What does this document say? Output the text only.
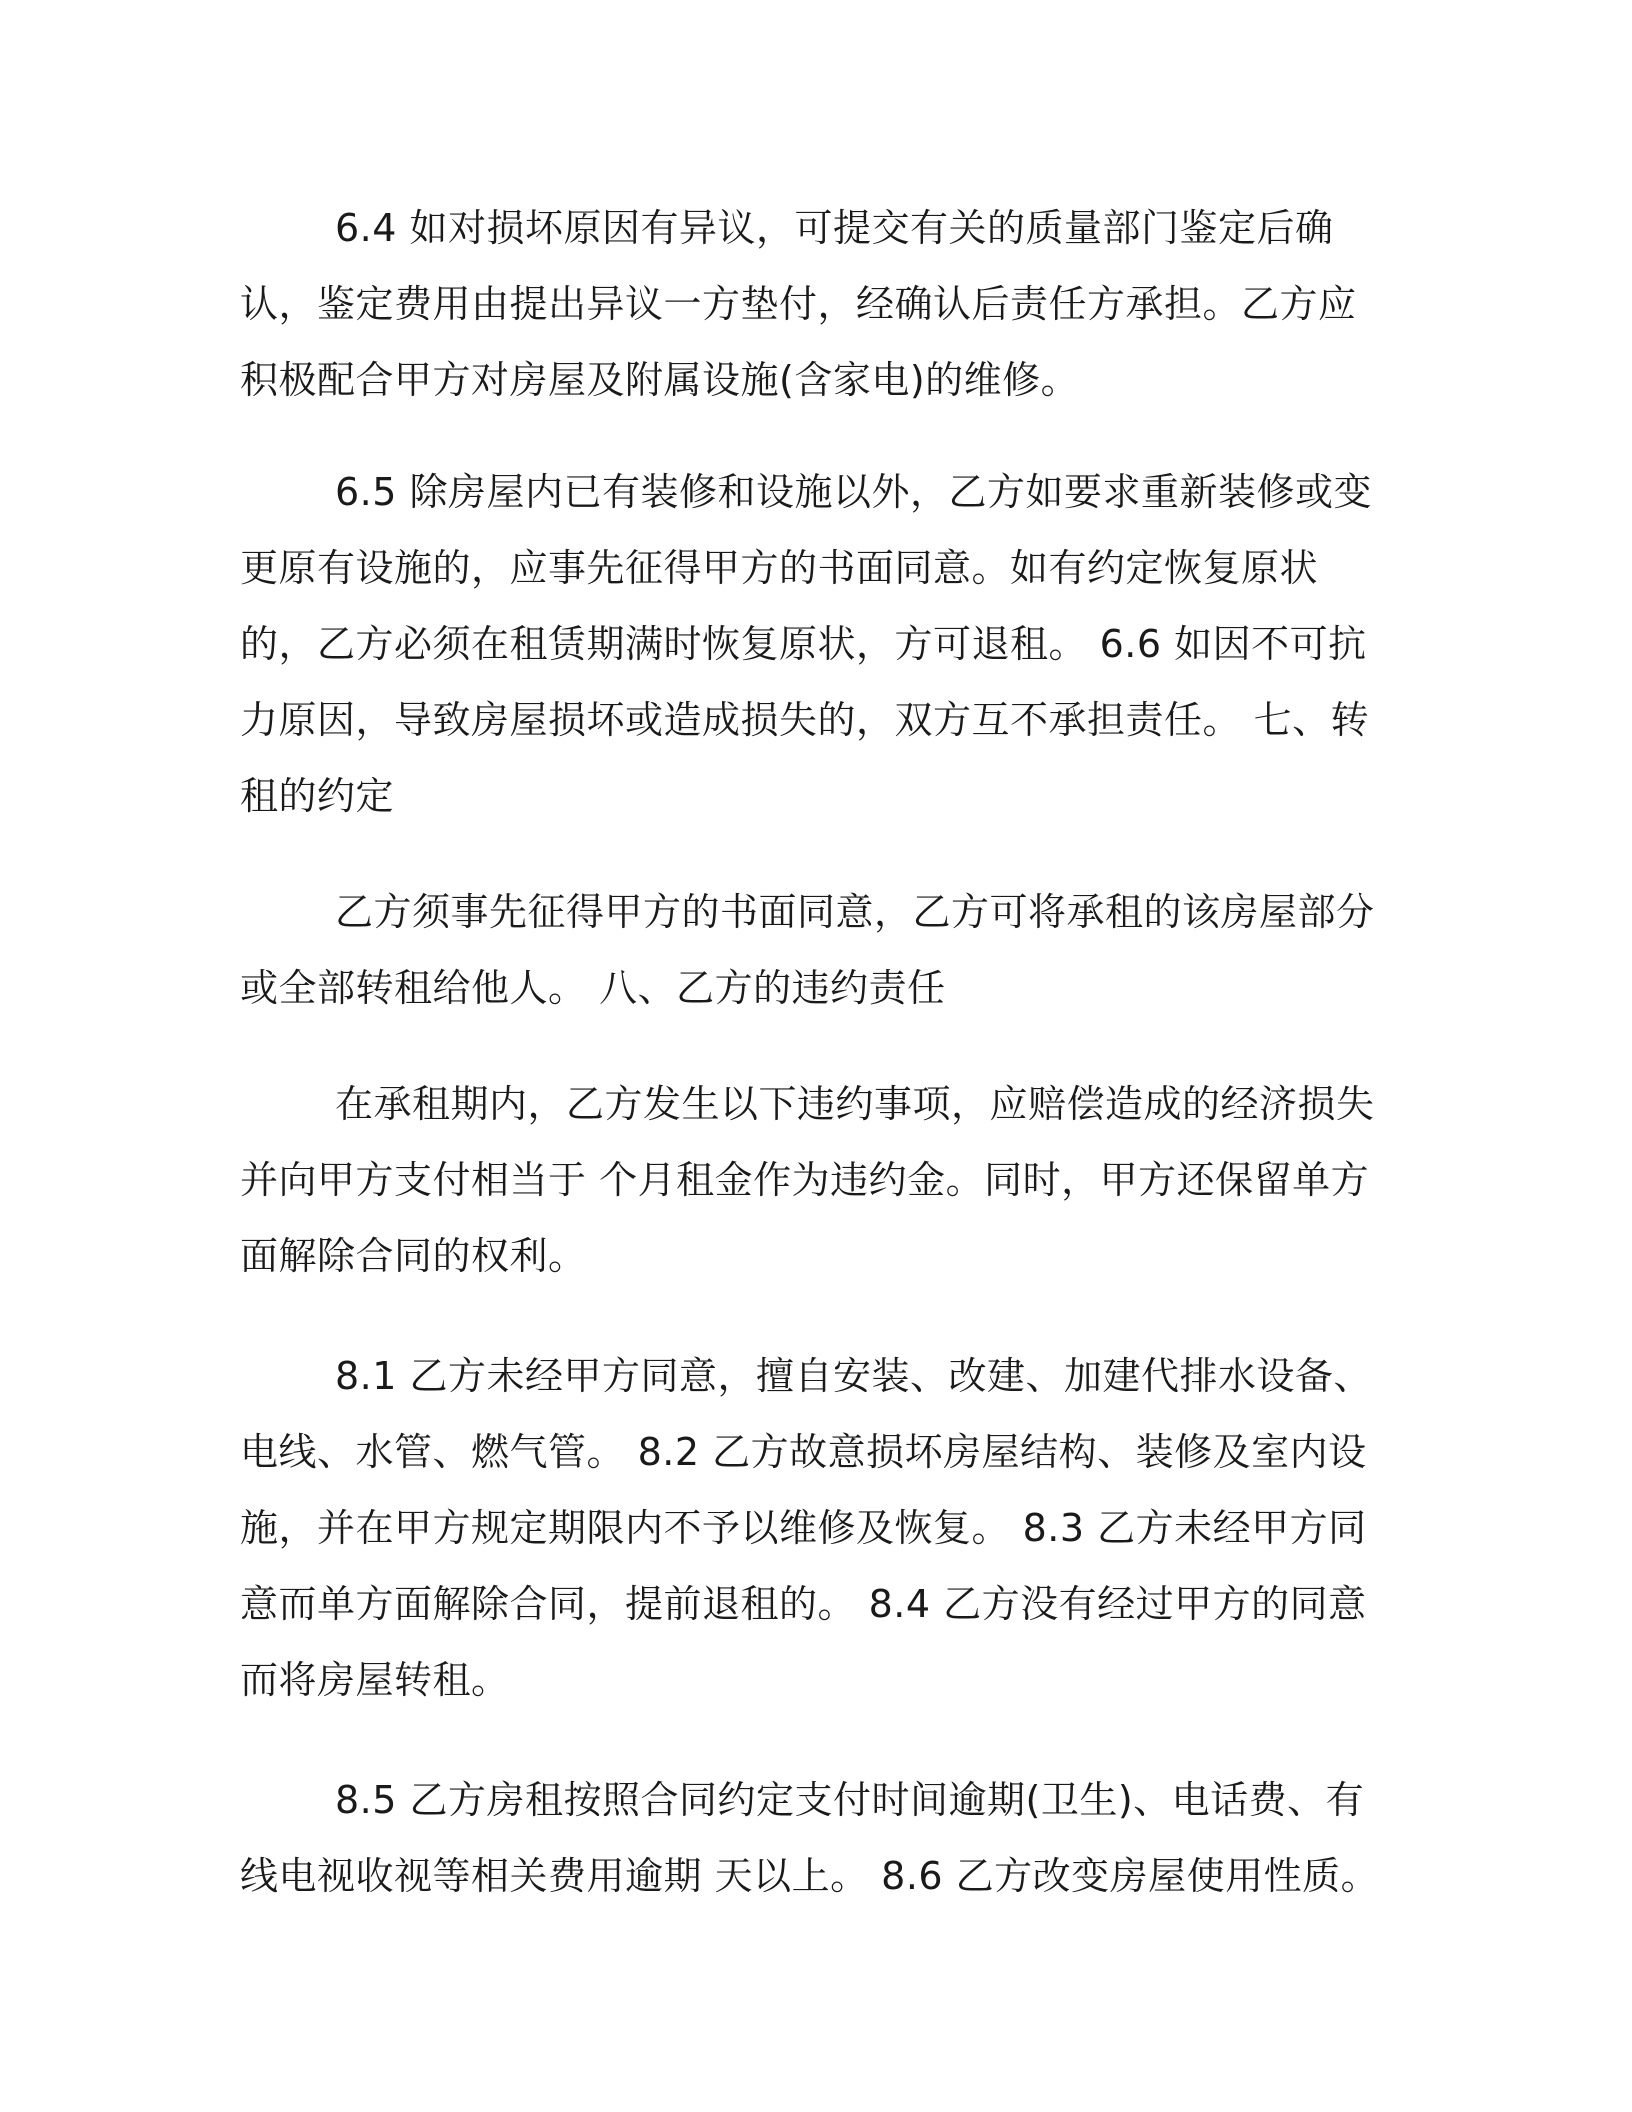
6.4 如对损坏原因有异议，可提交有关的质量部门鉴定后确认，鉴定费用由提出异议一方垫付，经确认后责任方承担。乙方应积极配合甲方对房屋及附属设施(含家电)的维修。

6.5 除房屋内已有装修和设施以外，乙方如要求重新装修或变更原有设施的，应事先征得甲方的书面同意。如有约定恢复原状的，乙方必须在租赁期满时恢复原状，方可退租。 6.6 如因不可抗力原因，导致房屋损坏或造成损失的，双方互不承担责任。 七、转租的约定

乙方须事先征得甲方的书面同意，乙方可将承租的该房屋部分或全部转租给他人。 八、乙方的违约责任

在承租期内，乙方发生以下违约事项，应赔偿造成的经济损失并向甲方支付相当于 个月租金作为违约金。同时，甲方还保留单方面解除合同的权利。

8.1 乙方未经甲方同意，擅自安装、改建、加建代排水设备、电线、水管、燃气管。 8.2 乙方故意损坏房屋结构、装修及室内设施，并在甲方规定期限内不予以维修及恢复。 8.3 乙方未经甲方同意而单方面解除合同，提前退租的。 8.4 乙方没有经过甲方的同意而将房屋转租。

8.5 乙方房租按照合同约定支付时间逾期(卫生)、电话费、有线电视收视等相关费用逾期 天以上。 8.6 乙方改变房屋使用性质。
